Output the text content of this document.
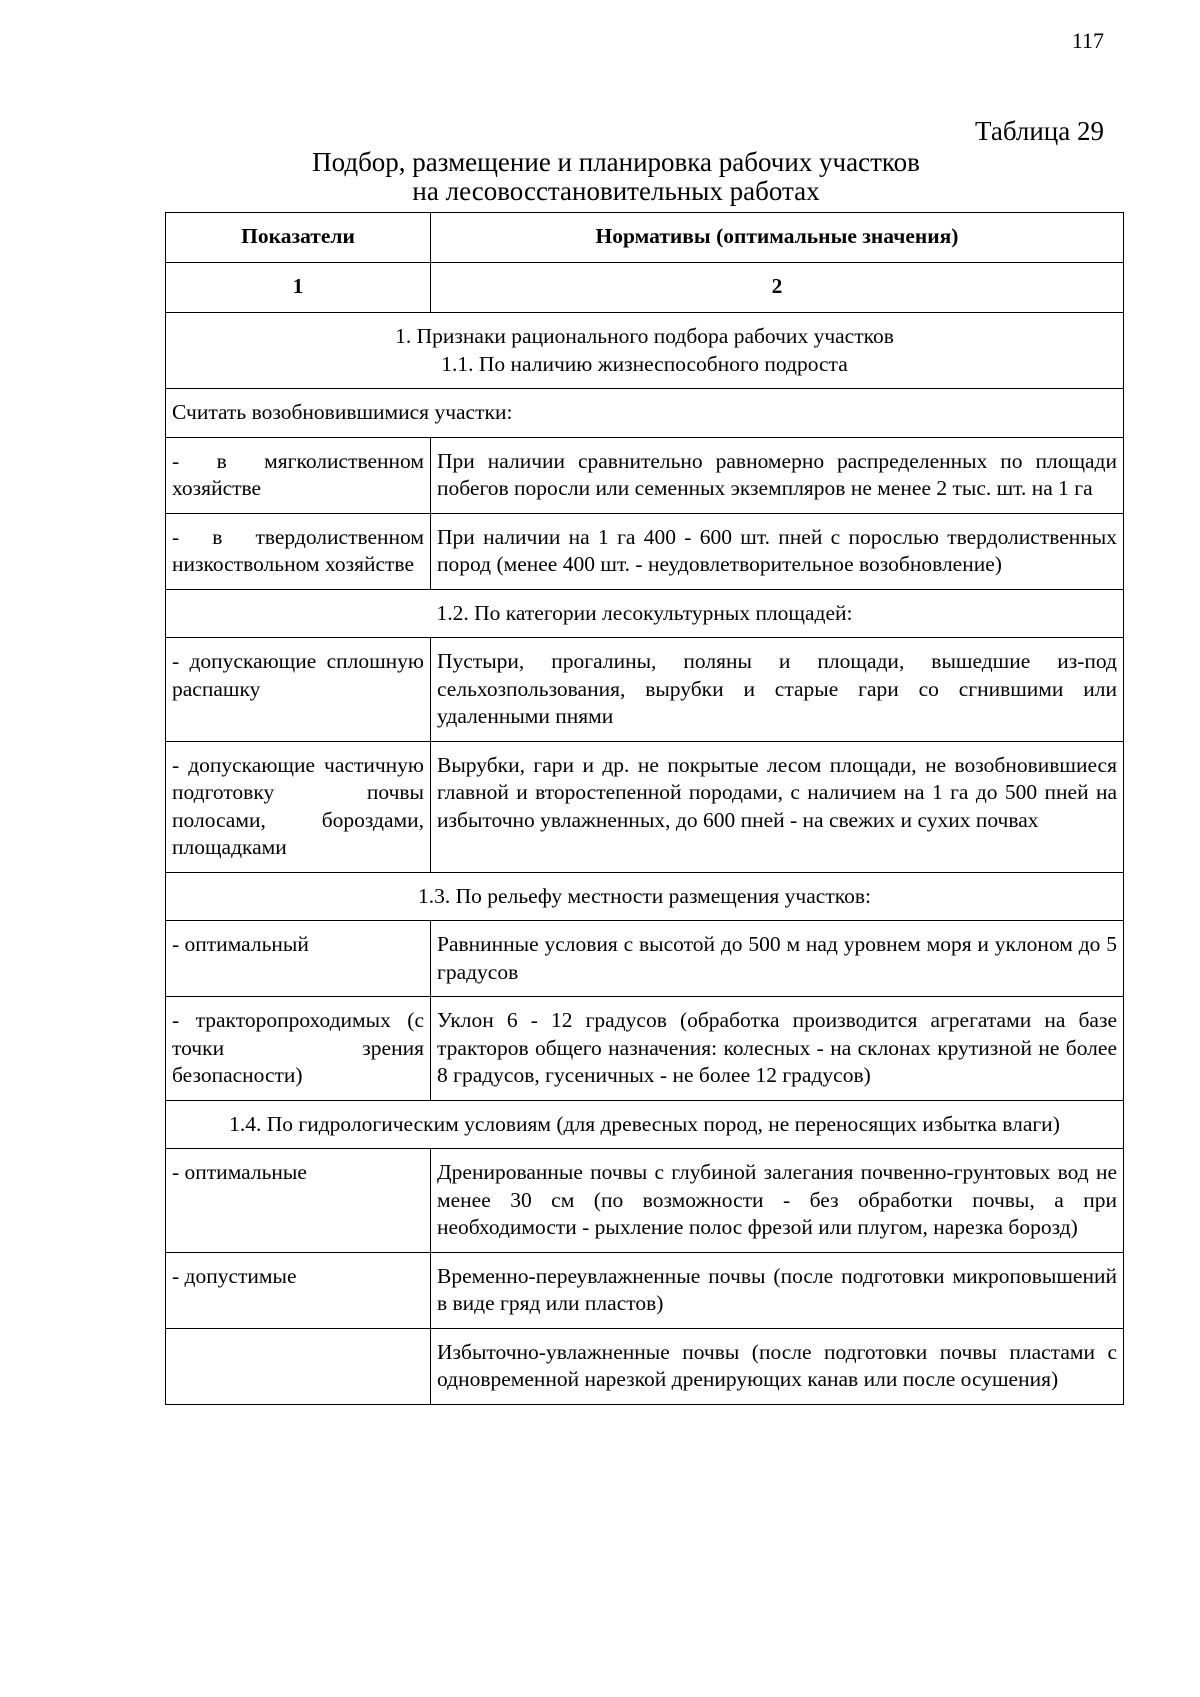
117
Таблица 29
Подбор, размещение и планировка рабочих участков
на лесовосстановительных работах
Показатели	Нормативы (оптимальные значения)
1	2

1. Признаки рационального подбора рабочих участков
1.1. По наличию жизнеспособного подроста	

Считать возобновившимися участки:	
- в мягколиственном хозяйстве	При наличии сравнительно равномерно распределенных по площади побегов поросли или семенных экземпляров не менее 2 тыс. шт. на 1 га
- в твердолиственном низкоствольном хозяйстве	При наличии на 1 га 400 - 600 шт. пней с порослью твердолиственных пород (менее 400 шт. - неудовлетворительное возобновление)
1.2. По категории лесокультурных площадей:	
- допускающие сплошную распашку	Пустыри, прогалины, поляны и площади, вышедшие из-под сельхозпользования, вырубки и старые гари со сгнившими или удаленными пнями
- допускающие частичную подготовку почвы полосами, бороздами, площадками	Вырубки, гари и др. не покрытые лесом площади, не возобновившиеся главной и второстепенной породами, с наличием на 1 га до 500 пней на избыточно увлажненных, до 600 пней - на свежих и сухих почвах
1.3. По рельефу местности размещения участков:	
- оптимальный	Равнинные условия с высотой до 500 м над уровнем моря и уклоном до 5 градусов
- тракторопроходимых (с точки зрения безопасности)	Уклон 6 - 12 градусов (обработка производится агрегатами на базе тракторов общего назначения: колесных - на склонах крутизной не более 8 градусов, гусеничных - не более 12 градусов)
1.4. По гидрологическим условиям (для древесных пород, не переносящих избытка влаги)	
- оптимальные	Дренированные почвы с глубиной залегания почвенно-грунтовых вод не менее 30 см (по возможности - без обработки почвы, а при необходимости - рыхление полос фрезой или плугом, нарезка борозд)
- допустимые	Временно-переувлажненные почвы (после подготовки микроповышений в виде гряд или пластов)
	Избыточно-увлажненные почвы (после подготовки почвы пластами с одновременной нарезкой дренирующих канав или после осушения)
